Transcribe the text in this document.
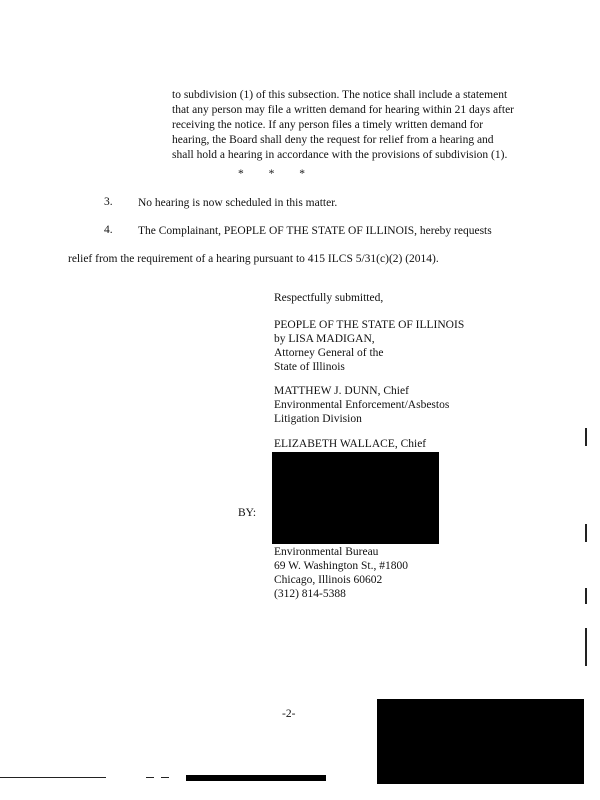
to subdivision (1) of this subsection. The notice shall include a statement
that any person may file a written demand for hearing within 21 days after
receiving the notice. If any person files a timely written demand for
hearing, the Board shall deny the request for relief from a hearing and
shall hold a hearing in accordance with the provisions of subdivision (1).
* * *
3. No hearing is now scheduled in this matter.
4. The Complainant, PEOPLE OF THE STATE OF ILLINOIS, hereby requests
relief from the requirement of a hearing pursuant to 415 ILCS 5/31(c)(2) (2014).
Respectfully submitted,
PEOPLE OF THE STATE OF ILLINOIS
by LISA MADIGAN,
Attorney General of the
State of Illinois
MATTHEW J. DUNN, Chief
Environmental Enforcement/Asbestos
Litigation Division
ELIZABETH WALLACE, Chief
BY:
Environmental Bureau
69 W. Washington St., #1800
Chicago, Illinois 60602
(312) 814-5388
-2-
